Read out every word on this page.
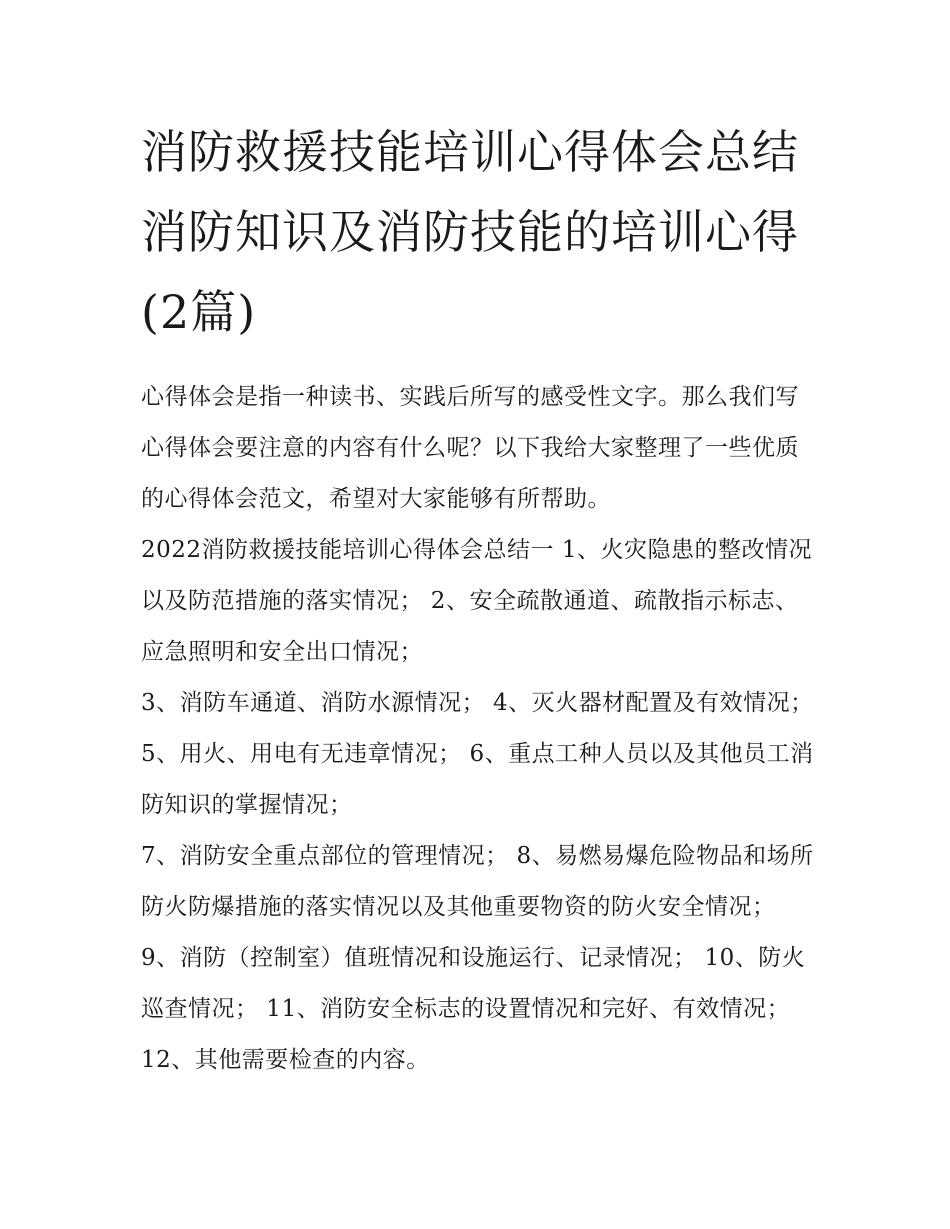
消防救援技能培训心得体会总结 消防知识及消防技能的培训心得(2篇)

心得体会是指一种读书、实践后所写的感受性文字。那么我们写心得体会要注意的内容有什么呢？以下我给大家整理了一些优质的心得体会范文，希望对大家能够有所帮助。

2022消防救援技能培训心得体会总结一 1、火灾隐患的整改情况以及防范措施的落实情况； 2、安全疏散通道、疏散指示标志、应急照明和安全出口情况；

3、消防车通道、消防水源情况； 4、灭火器材配置及有效情况； 5、用火、用电有无违章情况； 6、重点工种人员以及其他员工消防知识的掌握情况；

7、消防安全重点部位的管理情况； 8、易燃易爆危险物品和场所防火防爆措施的落实情况以及其他重要物资的防火安全情况；

9、消防（控制室）值班情况和设施运行、记录情况； 10、防火巡查情况； 11、消防安全标志的设置情况和完好、有效情况； 12、其他需要检查的内容。
